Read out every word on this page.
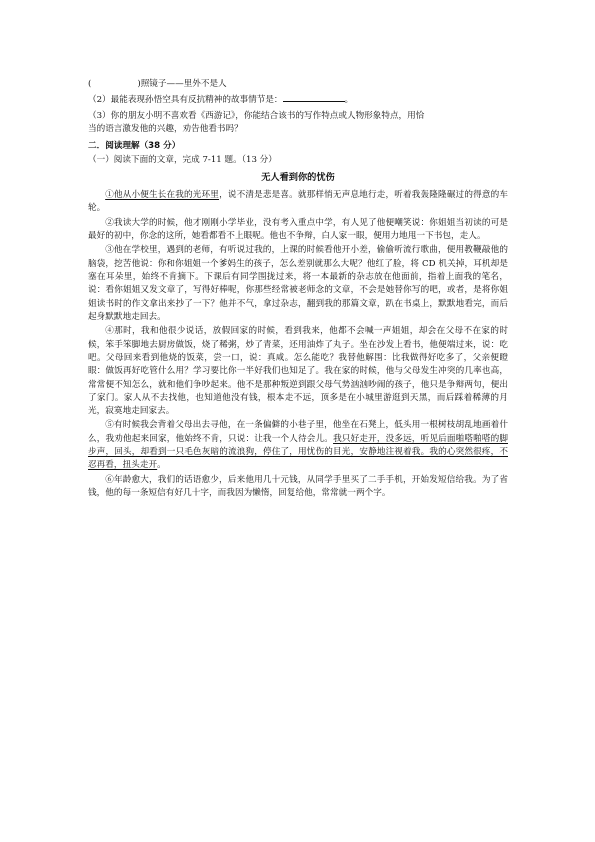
(	)照镜子——里外不是人
（2）最能表现孙悟空具有反抗精神的故事情节是：	。
（3）你的朋友小明不喜欢看《西游记》，你能结合该书的写作特点或人物形象特点，用恰
当的语言激发他的兴趣，劝告他看书吗？
二．阅读理解（38 分）
（一）阅读下面的文章，完成 7-11 题。（13 分）
无人看到你的忧伤
①他从小便生长在我的光环里，说不清是悲是喜。就那样悄无声息地行走，听着我轰隆隆碾过的得意的车轮。
②我读大学的时候，他才刚刚小学毕业，没有考入重点中学，有人见了他便嘲笑说：你姐姐当初读的可是最好的初中，你念的这所，她看都看不上眼呢。他也不争辩，白人家一眼，便用力地甩一下书包，走人。
③他在学校里，遇到的老师，有听说过我的，上课的时候看他开小差，偷偷听流行歌曲，便用教鞭敲他的脑袋，挖苦他说：你和你姐姐一个爹妈生的孩子，怎么差别就那么大呢？他红了脸，将 CD 机关掉，耳机却是塞在耳朵里，始终不肯摘下。下课后有同学围拢过来，将一本最新的杂志放在他面前，指着上面我的笔名，说：看你姐姐又发文章了，写得好棒呢，你那些经常被老师念的文章，不会是她替你写的吧，或者，是将你姐姐读书时的作文拿出来抄了一下？他并不气，拿过杂志，翻到我的那篇文章，趴在书桌上，默默地看完，而后起身默默地走回去。
④那时，我和他很少说话，放假回家的时候，看到我来，他都不会喊一声姐姐，却会在父母不在家的时候，笨手笨脚地去厨房做饭，烧了稀粥，炒了青菜，还用油炸了丸子。坐在沙发上看书，他便端过来，说：吃吧。父母回来看到他烧的饭菜，尝一口，说：真咸。怎么能吃？我替他解围：比我做得好吃多了，父亲便瞪眼：做饭再好吃管什么用？学习要比你一半好我们也知足了。我在家的时候，他与父母发生冲突的几率也高，常常便不知怎么，就和他们争吵起来。他不是那种叛逆到跟父母气势汹汹吵闹的孩子，他只是争辩两句，便出了家门。家人从不去找他，也知道他没有钱，根本走不远，顶多是在小城里游逛到天黑，而后踩着稀薄的月光，寂寞地走回家去。
⑤有时候我会背着父母出去寻他，在一条偏僻的小巷子里，他坐在石凳上，低头用一根树枝胡乱地画着什么，我劝他起来回家，他始终不肯，只说：让我一个人待会儿。我只好走开，没多远，听见后面啪嗒啪嗒的脚步声，回头，却看到一只毛色灰暗的流浪狗，停住了，用忧伤的目光，安静地注视着我。我的心突然很疼，不忍再看，扭头走开。
⑥年龄愈大，我们的话语愈少，后来他用几十元钱，从同学手里买了二手手机，开始发短信给我。为了省钱，他的每一条短信有好几十字，而我因为懒惰，回复给他，常常就一两个字。
